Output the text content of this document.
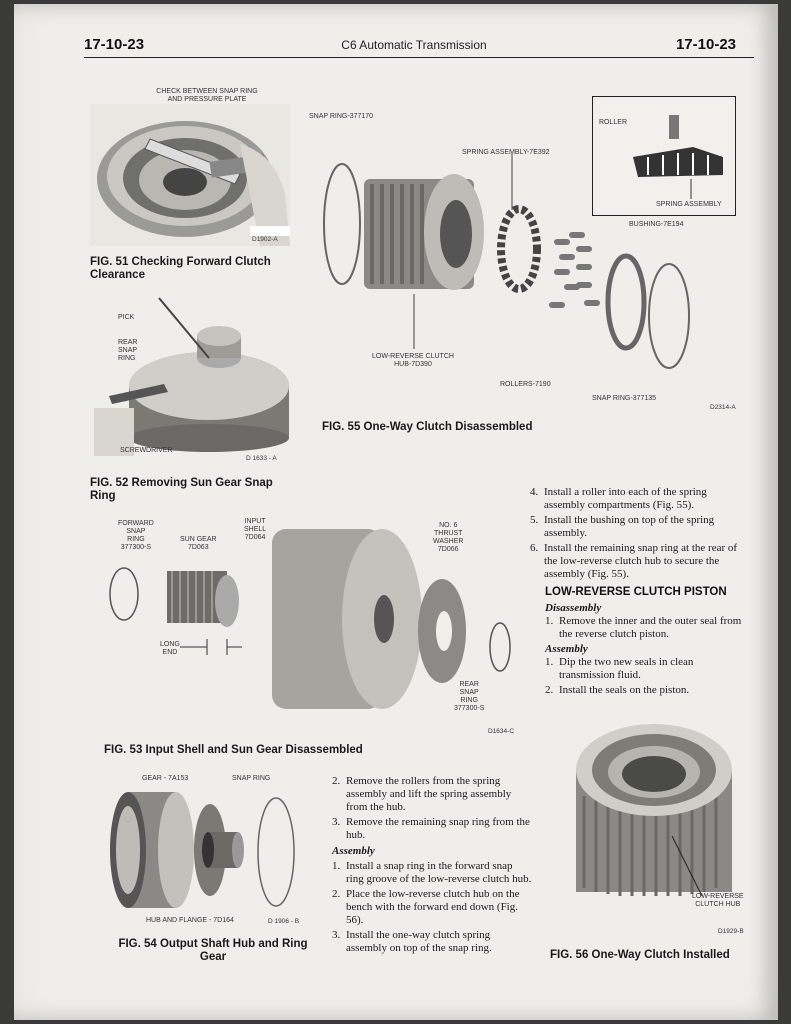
17-10-23	C6 Automatic Transmission	17-10-23
CHECK BETWEEN SNAP RING
AND PRESSURE PLATE
D1902-A
FIG. 51 Checking Forward Clutch
Clearance
PICK
REAR
SNAP
RING
SCREWDRIVER
D 1633 - A
FIG. 52 Removing Sun Gear Snap
Ring
SNAP RING-377170
SPRING ASSEMBLY-7E392
ROLLER
SPRING ASSEMBLY
BUSHING-7E194
LOW-REVERSE CLUTCH
HUB-7D390
ROLLERS-7190
SNAP RING-377135
D2314-A
FIG. 55 One-Way Clutch Disassembled
FORWARD
SNAP
RING
377300-S
SUN GEAR
7D063
INPUT
SHELL
7D064
NO. 6
THRUST
WASHER
7D066
LONG
END
REAR
SNAP
RING
377300-S
D1634-C
FIG. 53 Input Shell and Sun Gear Disassembled
GEAR - 7A153	SNAP RING
HUB AND FLANGE - 7D164	D 1906 - B
FIG. 54 Output Shaft Hub and Ring
Gear
2. Remove the rollers from the spring assembly and lift the spring assembly from the hub.
3. Remove the remaining snap ring from the hub.
Assembly
1. Install a snap ring in the forward snap ring groove of the low-reverse clutch hub.
2. Place the low-reverse clutch hub on the bench with the forward end down (Fig. 56).
3. Install the one-way clutch spring assembly on top of the snap ring.
4. Install a roller into each of the spring assembly compartments (Fig. 55).
5. Install the bushing on top of the spring assembly.
6. Install the remaining snap ring at the rear of the low-reverse clutch hub to secure the assembly (Fig. 55).
LOW-REVERSE CLUTCH PISTON
Disassembly
1. Remove the inner and the outer seal from the reverse clutch piston.
Assembly
1. Dip the two new seals in clean transmission fluid.
2. Install the seals on the piston.
LOW-REVERSE
CLUTCH HUB
D1929-B
FIG. 56 One-Way Clutch Installed
